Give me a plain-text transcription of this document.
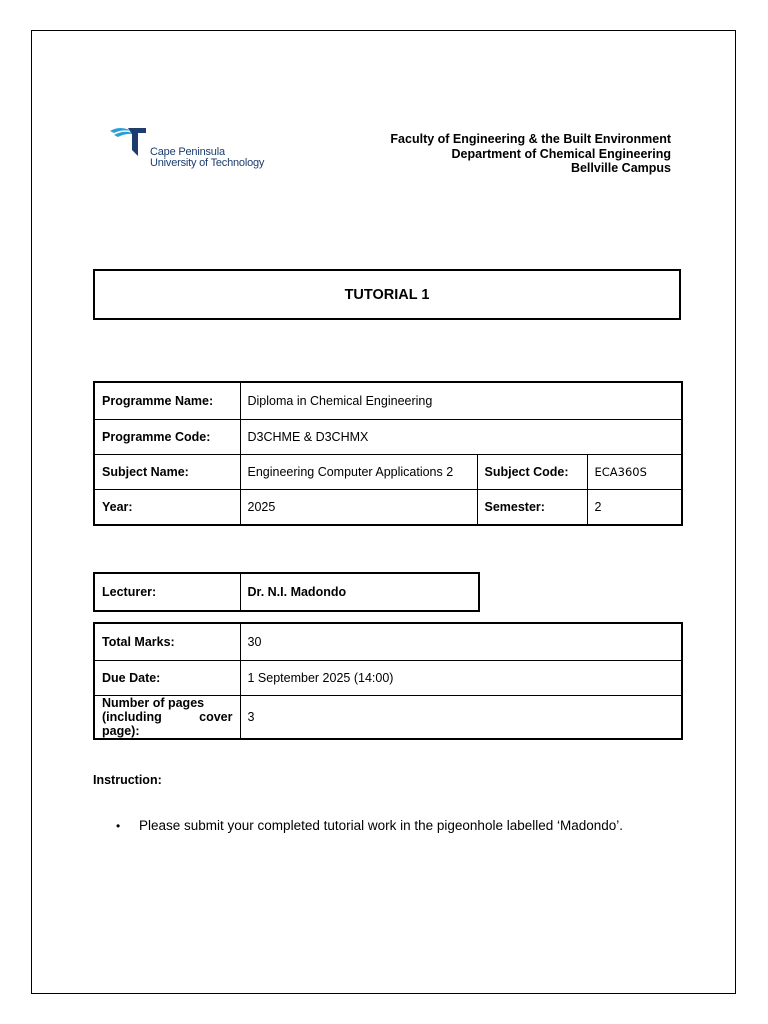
Cape Peninsula
University of Technology
Faculty of Engineering & the Built Environment
Department of Chemical Engineering
Bellville Campus
TUTORIAL 1
Programme Name:	Diploma in Chemical Engineering		
Programme Code:	D3CHME & D3CHMX		
Subject Name:	Engineering Computer Applications 2	Subject Code:	ECA360S
Year:	2025	Semester:	2
Lecturer:	Dr. N.I. Madondo
Total Marks:	30
Due Date:	1 September 2025 (14:00)

Number of pages
(including cover
page):	3
Instruction:
• Please submit your completed tutorial work in the pigeonhole labelled ‘Madondo’.
